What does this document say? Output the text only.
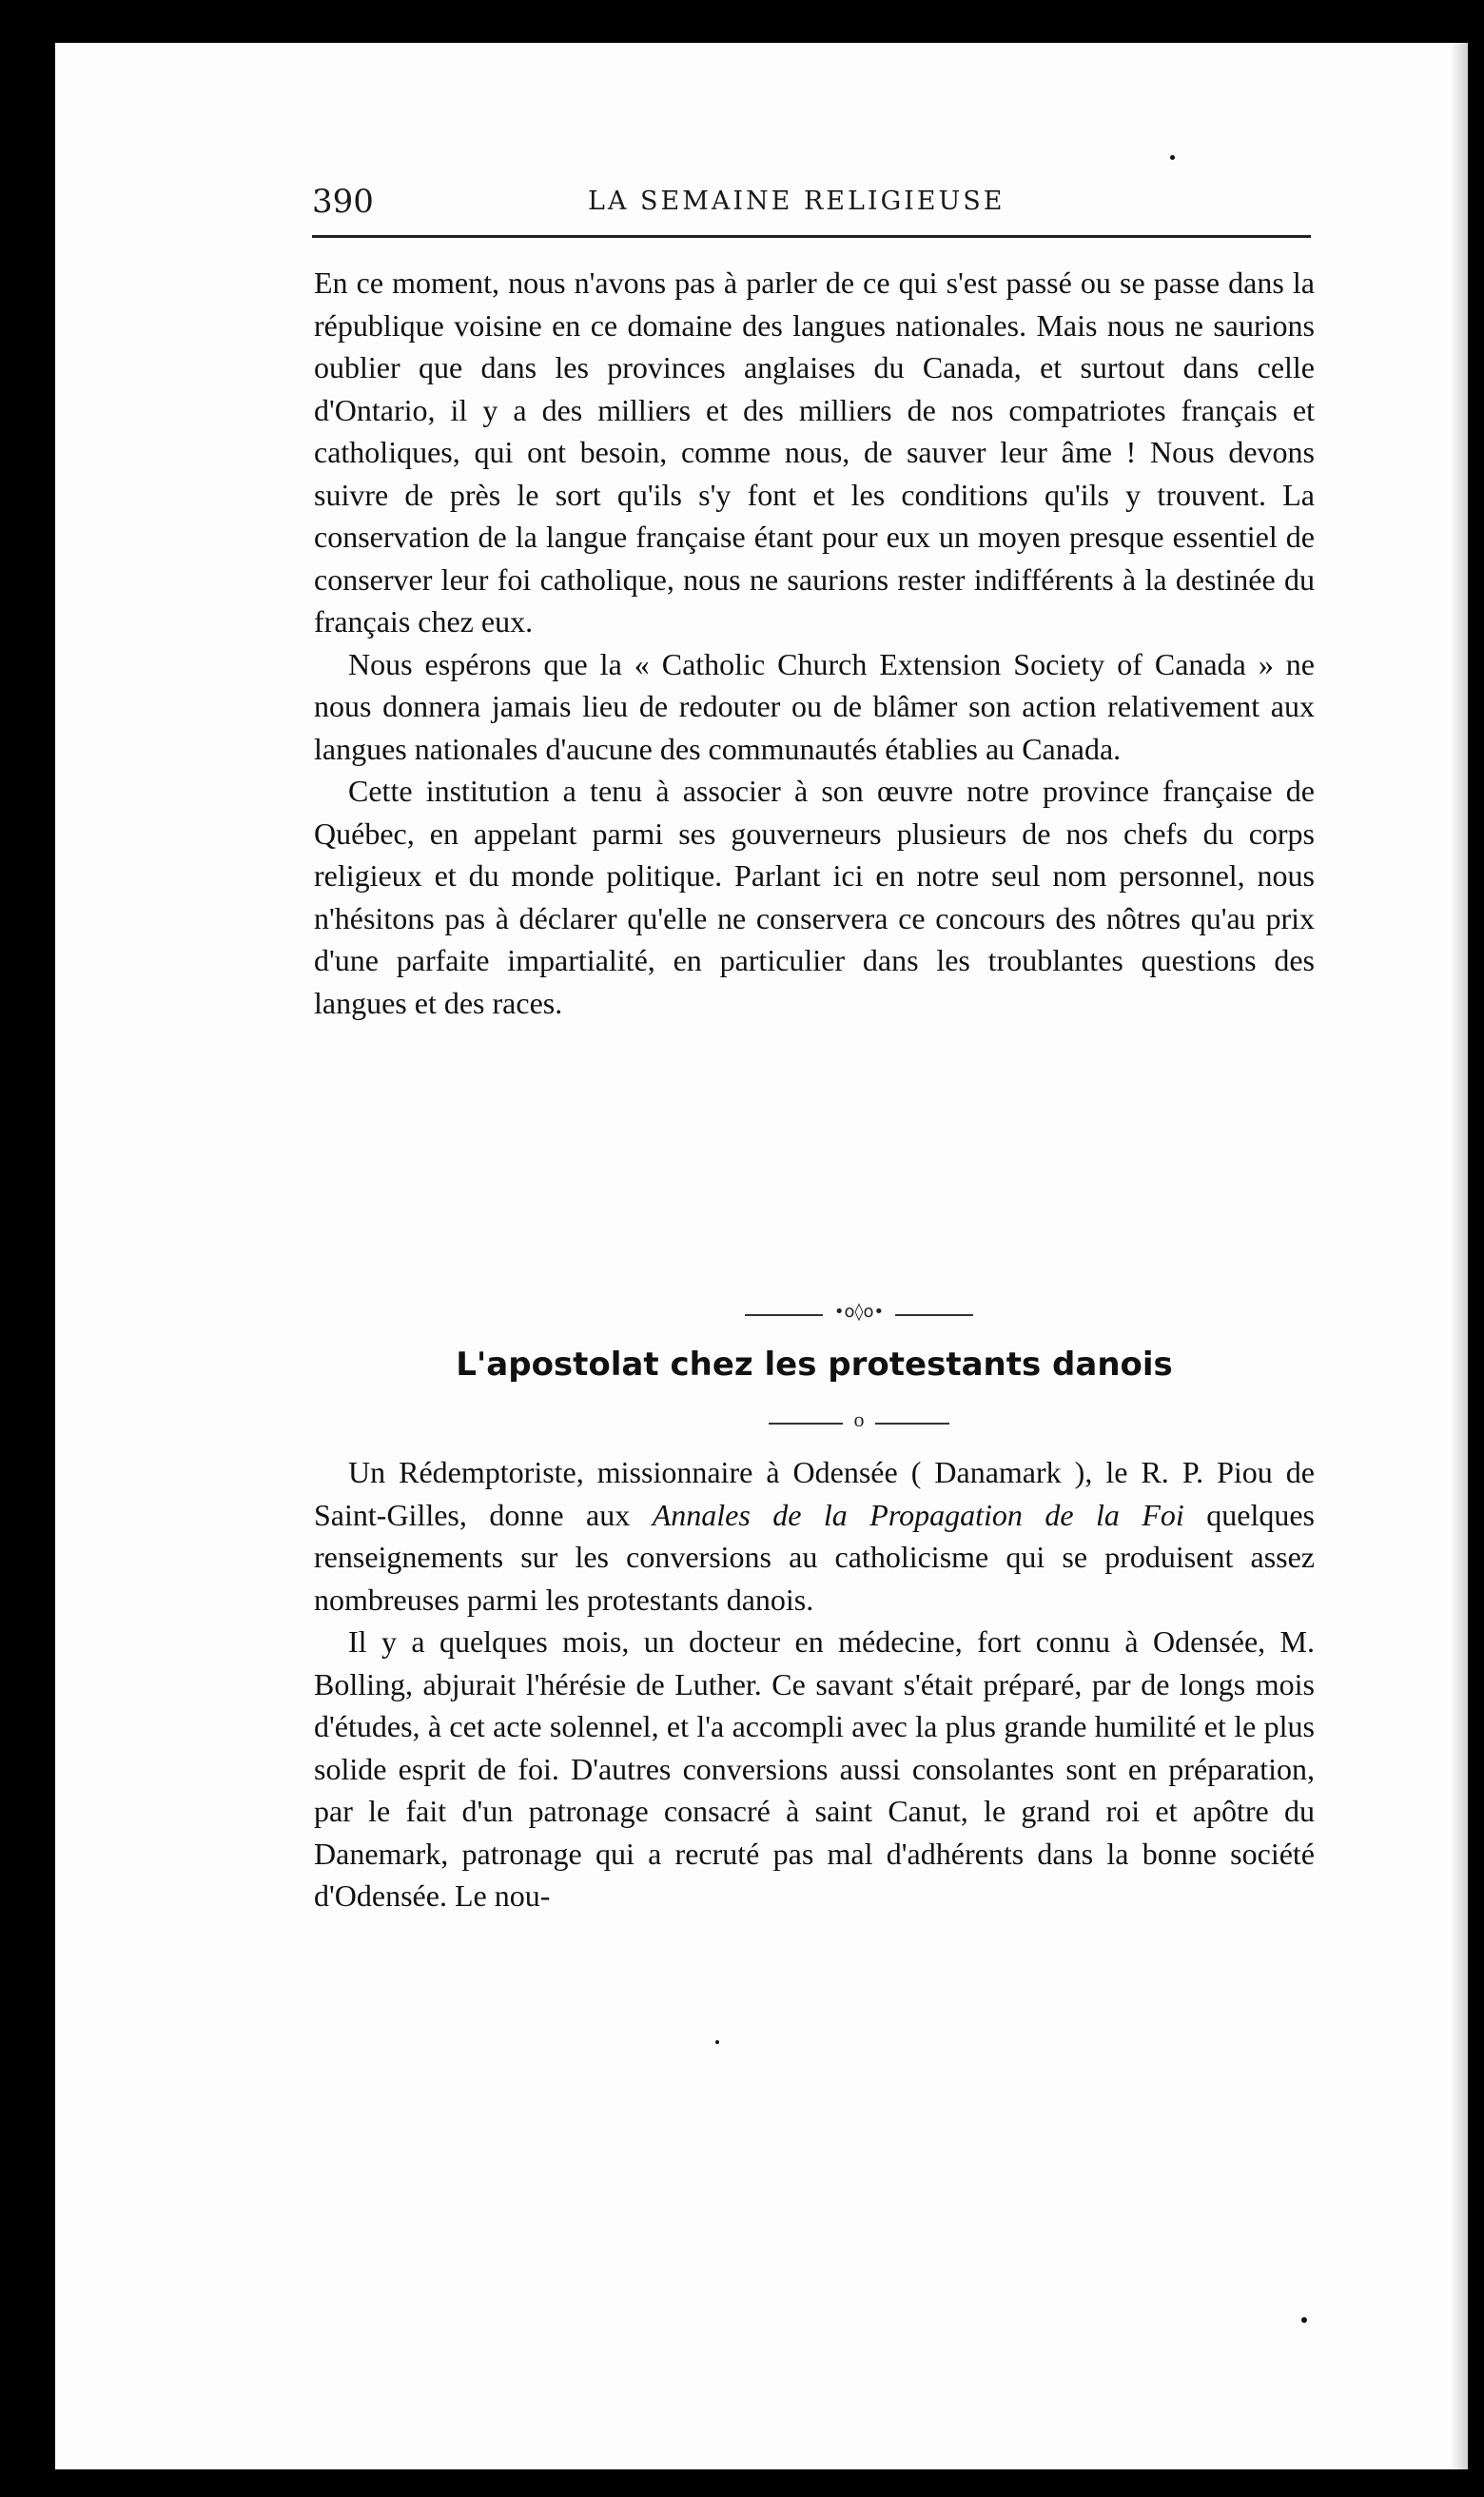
390	LA SEMAINE RELIGIEUSE

En ce moment, nous n'avons pas à parler de ce qui s'est passé ou se passe dans la république voisine en ce domaine des langues nationales. Mais nous ne saurions oublier que dans les provinces anglaises du Canada, et surtout dans celle d'Ontario, il y a des milliers et des milliers de nos compatriotes français et catholiques, qui ont besoin, comme nous, de sauver leur âme ! Nous devons suivre de près le sort qu'ils s'y font et les conditions qu'ils y trouvent. La conservation de la langue française étant pour eux un moyen presque essentiel de conserver leur foi catholique, nous ne saurions rester indifférents à la destinée du français chez eux.

Nous espérons que la « Catholic Church Extension Society of Canada » ne nous donnera jamais lieu de redouter ou de blâmer son action relativement aux langues nationales d'aucune des communautés établies au Canada.

Cette institution a tenu à associer à son œuvre notre province française de Québec, en appelant parmi ses gouverneurs plusieurs de nos chefs du corps religieux et du monde politique. Parlant ici en notre seul nom personnel, nous n'hésitons pas à déclarer qu'elle ne conservera ce concours des nôtres qu'au prix d'une parfaite impartialité, en particulier dans les troublantes questions des langues et des races.

•o◊o•
L'apostolat chez les protestants danois
o

Un Rédemptoriste, missionnaire à Odensée ( Danamark ), le R. P. Piou de Saint-Gilles, donne aux Annales de la Propagation de la Foi quelques renseignements sur les conversions au catholicisme qui se produisent assez nombreuses parmi les protestants danois.

Il y a quelques mois, un docteur en médecine, fort connu à Odensée, M. Bolling, abjurait l'hérésie de Luther. Ce savant s'était préparé, par de longs mois d'études, à cet acte solennel, et l'a accompli avec la plus grande humilité et le plus solide esprit de foi. D'autres conversions aussi consolantes sont en préparation, par le fait d'un patronage consacré à saint Canut, le grand roi et apôtre du Danemark, patronage qui a recruté pas mal d'adhérents dans la bonne société d'Odensée. Le nou-
